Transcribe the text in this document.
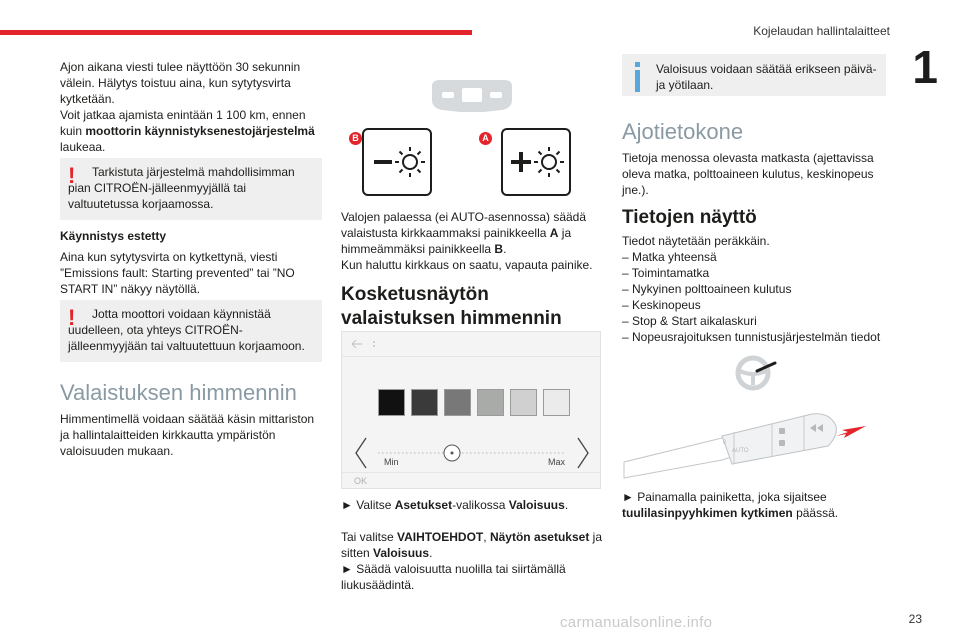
Kojelaudan hallintalaitteet
1
23
carmanualsonline.info

Ajon aikana viesti tulee näyttöön 30 sekunnin välein. Hälytys toistuu aina, kun sytytysvirta kytketään.

Voit jatkaa ajamista enintään 1 100 km, ennen kuin moottorin käynnistyksenestojärjestelmä laukeaa.

!	Tarkistuta järjestelmä mahdollisimman pian CITROËN-jälleenmyyjällä tai valtuutetussa korjaamossa.

Käynnistys estetty

Aina kun sytytysvirta on kytkettynä, viesti ”Emissions fault: Starting prevented” tai ”NO START IN” näkyy näytöllä.

!	Jotta moottori voidaan käynnistää uudelleen, ota yhteys CITROËN-jälleenmyyjään tai valtuutettuun korjaamoon.

Valaistuksen himmennin

Himmentimellä voidaan säätää käsin mittariston ja hallintalaitteiden kirkkautta ympäristön valoisuuden mukaan.

B	A

Valojen palaessa (ei AUTO-asennossa) säädä valaistusta kirkkaammaksi painikkeella A ja himmeämmäksi painikkeella B.

Kun haluttu kirkkaus on saatu, vapauta painike.

Kosketusnäytön valaistuksen himmennin

Min	Max
OK

► Valitse Asetukset-valikossa Valoisuus.

Tai valitse VAIHTOEHDOT, Näytön asetukset ja sitten Valoisuus.

► Säädä valoisuutta nuolilla tai siirtämällä liukusäädintä.

Valoisuus voidaan säätää erikseen päivä- ja yötilaan.

Ajotietokone

Tietoja menossa olevasta matkasta (ajettavissa oleva matka, polttoaineen kulutus, keskinopeus jne.).

Tietojen näyttö

Tiedot näytetään peräkkäin.

– Matka yhteensä
– Toimintamatka
– Nykyinen polttoaineen kulutus
– Keskinopeus
– Stop & Start aikalaskuri
– Nopeusrajoituksen tunnistusjärjestelmän tiedot
0
AUTO

► Painamalla painiketta, joka sijaitsee tuulilasinpyyhkimen kytkimen päässä.
